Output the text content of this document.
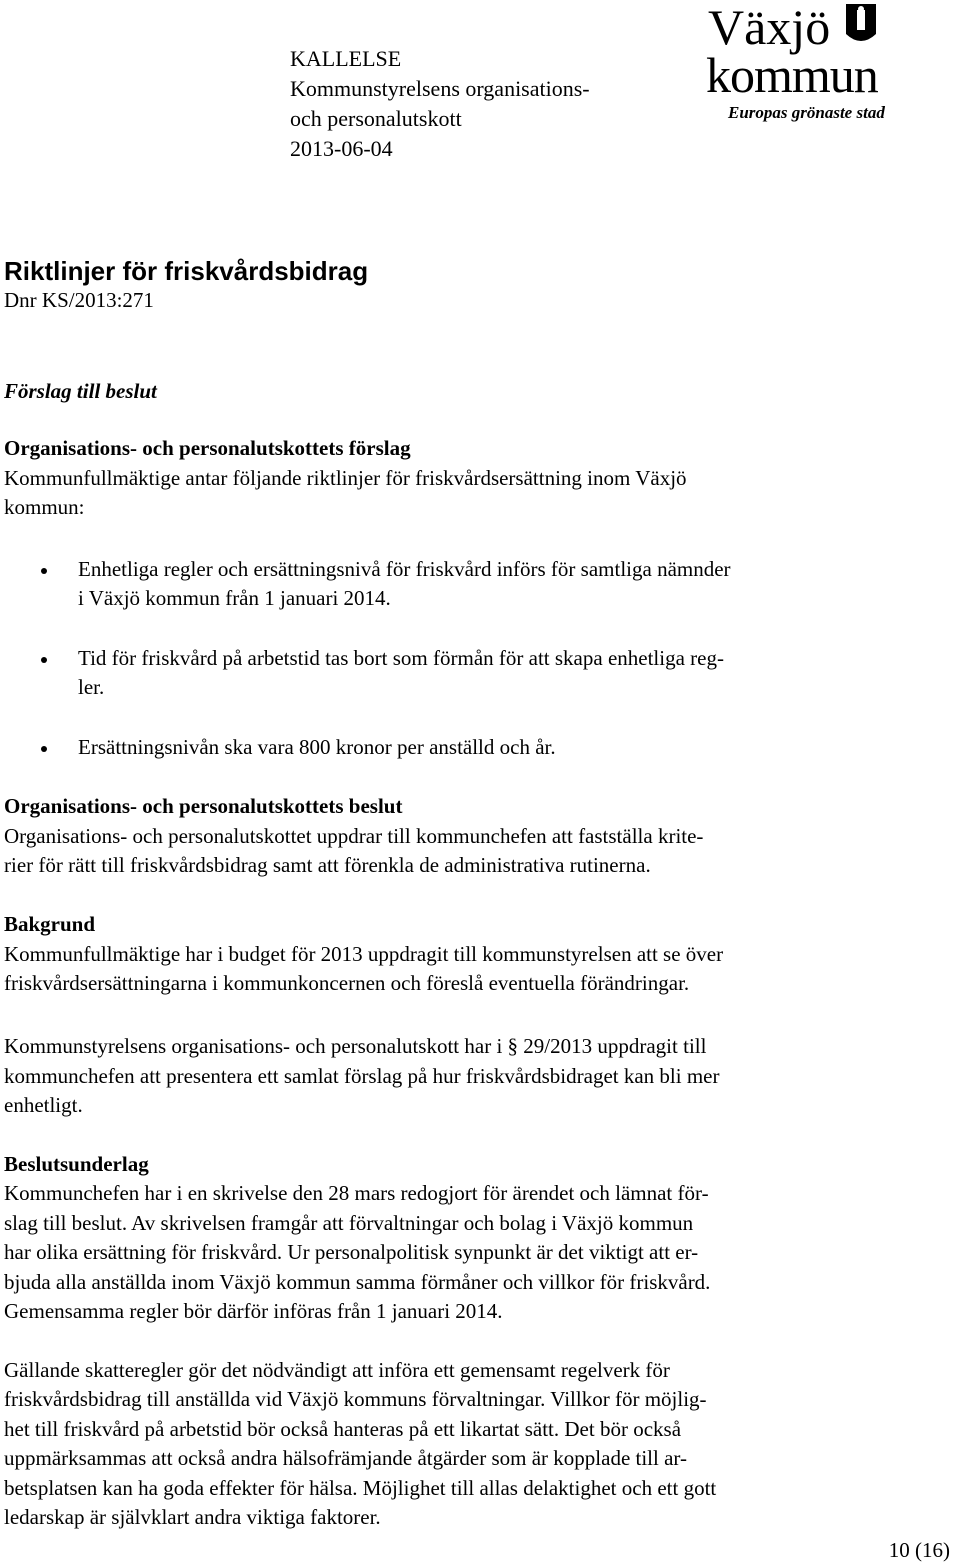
KALLELSE
Kommunstyrelsens organisations-
och personalutskott
2013-06-04
Växjö
kommun
Europas grönaste stad
Riktlinjer för friskvårdsbidrag
Dnr KS/2013:271
Förslag till beslut
Organisations- och personalutskottets förslag
Kommunfullmäktige antar följande riktlinjer för friskvårdsersättning inom Växjö
kommun:
Enhetliga regler och ersättningsnivå för friskvård införs för samtliga nämnder
i Växjö kommun från 1 januari 2014.
Tid för friskvård på arbetstid tas bort som förmån för att skapa enhetliga reg-
ler.
Ersättningsnivån ska vara 800 kronor per anställd och år.
Organisations- och personalutskottets beslut
Organisations- och personalutskottet uppdrar till kommunchefen att fastställa krite-
rier för rätt till friskvårdsbidrag samt att förenkla de administrativa rutinerna.
Bakgrund
Kommunfullmäktige har i budget för 2013 uppdragit till kommunstyrelsen att se över
friskvårdsersättningarna i kommunkoncernen och föreslå eventuella förändringar.
Kommunstyrelsens organisations- och personalutskott har i § 29/2013 uppdragit till
kommunchefen att presentera ett samlat förslag på hur friskvårdsbidraget kan bli mer
enhetligt.
Beslutsunderlag
Kommunchefen har i en skrivelse den 28 mars redogjort för ärendet och lämnat för-
slag till beslut. Av skrivelsen framgår att förvaltningar och bolag i Växjö kommun
har olika ersättning för friskvård. Ur personalpolitisk synpunkt är det viktigt att er-
bjuda alla anställda inom Växjö kommun samma förmåner och villkor för friskvård.
Gemensamma regler bör därför införas från 1 januari 2014.
Gällande skatteregler gör det nödvändigt att införa ett gemensamt regelverk för
friskvårdsbidrag till anställda vid Växjö kommuns förvaltningar. Villkor för möjlig-
het till friskvård på arbetstid bör också hanteras på ett likartat sätt. Det bör också
uppmärksammas att också andra hälsofrämjande åtgärder som är kopplade till ar-
betsplatsen kan ha goda effekter för hälsa. Möjlighet till allas delaktighet och ett gott
ledarskap är självklart andra viktiga faktorer.
10 (16)
